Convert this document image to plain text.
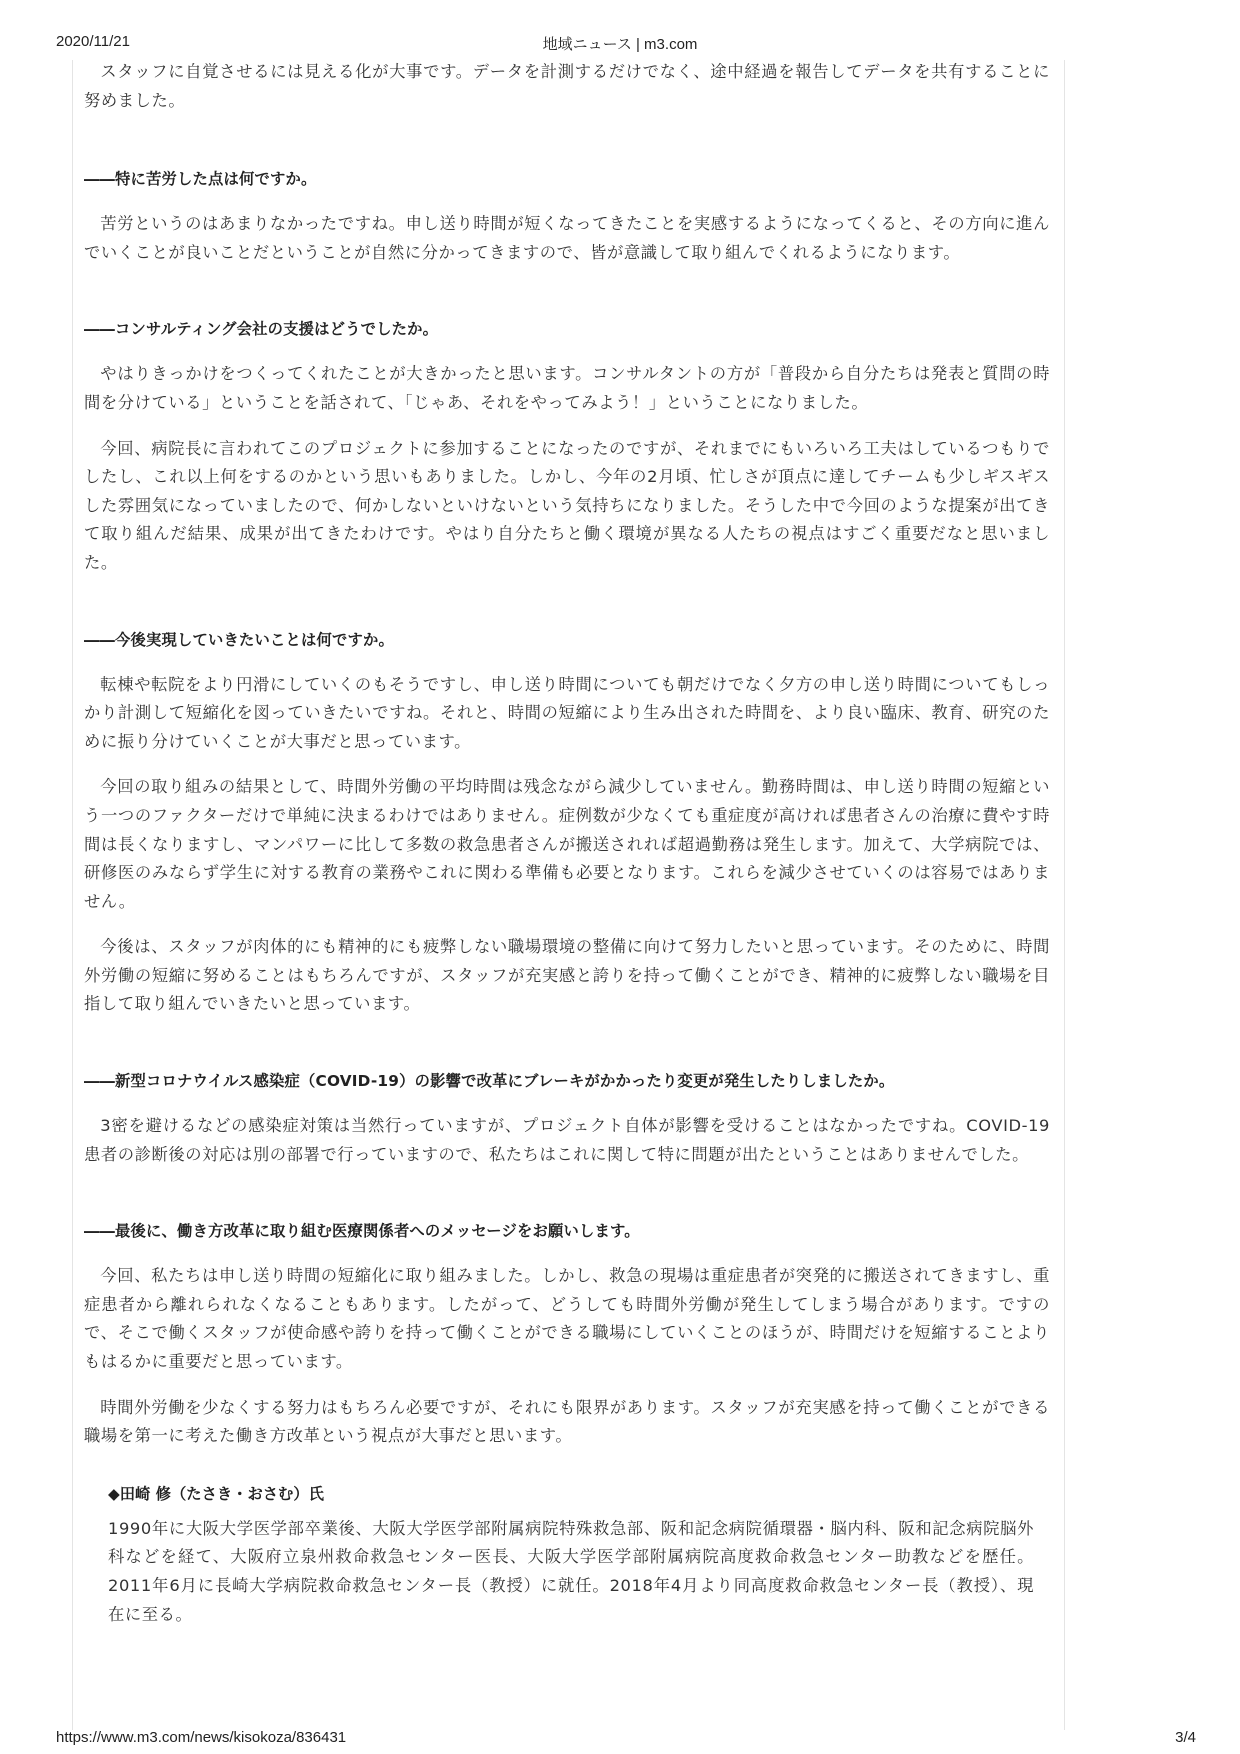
2020/11/21	地域ニュース | m3.com

スタッフに自覚させるには見える化が大事です。データを計測するだけでなく、途中経過を報告してデータを共有することに努めました。

――特に苦労した点は何ですか。

苦労というのはあまりなかったですね。申し送り時間が短くなってきたことを実感するようになってくると、その方向に進んでいくことが良いことだということが自然に分かってきますので、皆が意識して取り組んでくれるようになります。

――コンサルティング会社の支援はどうでしたか。

やはりきっかけをつくってくれたことが大きかったと思います。コンサルタントの方が「普段から自分たちは発表と質問の時間を分けている」ということを話されて、「じゃあ、それをやってみよう！」ということになりました。

今回、病院長に言われてこのプロジェクトに参加することになったのですが、それまでにもいろいろ工夫はしているつもりでしたし、これ以上何をするのかという思いもありました。しかし、今年の2月頃、忙しさが頂点に達してチームも少しギスギスした雰囲気になっていましたので、何かしないといけないという気持ちになりました。そうした中で今回のような提案が出てきて取り組んだ結果、成果が出てきたわけです。やはり自分たちと働く環境が異なる人たちの視点はすごく重要だなと思いました。

――今後実現していきたいことは何ですか。

転棟や転院をより円滑にしていくのもそうですし、申し送り時間についても朝だけでなく夕方の申し送り時間についてもしっかり計測して短縮化を図っていきたいですね。それと、時間の短縮により生み出された時間を、より良い臨床、教育、研究のために振り分けていくことが大事だと思っています。

今回の取り組みの結果として、時間外労働の平均時間は残念ながら減少していません。勤務時間は、申し送り時間の短縮という一つのファクターだけで単純に決まるわけではありません。症例数が少なくても重症度が高ければ患者さんの治療に費やす時間は長くなりますし、マンパワーに比して多数の救急患者さんが搬送されれば超過勤務は発生します。加えて、大学病院では、研修医のみならず学生に対する教育の業務やこれに関わる準備も必要となります。これらを減少させていくのは容易ではありません。

今後は、スタッフが肉体的にも精神的にも疲弊しない職場環境の整備に向けて努力したいと思っています。そのために、時間外労働の短縮に努めることはもちろんですが、スタッフが充実感と誇りを持って働くことができ、精神的に疲弊しない職場を目指して取り組んでいきたいと思っています。

――新型コロナウイルス感染症（COVID-19）の影響で改革にブレーキがかかったり変更が発生したりしましたか。

3密を避けるなどの感染症対策は当然行っていますが、プロジェクト自体が影響を受けることはなかったですね。COVID-19患者の診断後の対応は別の部署で行っていますので、私たちはこれに関して特に問題が出たということはありませんでした。

――最後に、働き方改革に取り組む医療関係者へのメッセージをお願いします。

今回、私たちは申し送り時間の短縮化に取り組みました。しかし、救急の現場は重症患者が突発的に搬送されてきますし、重症患者から離れられなくなることもあります。したがって、どうしても時間外労働が発生してしまう場合があります。ですので、そこで働くスタッフが使命感や誇りを持って働くことができる職場にしていくことのほうが、時間だけを短縮することよりもはるかに重要だと思っています。

時間外労働を少なくする努力はもちろん必要ですが、それにも限界があります。スタッフが充実感を持って働くことができる職場を第一に考えた働き方改革という視点が大事だと思います。

◆田崎 修（たさき・おさむ）氏

1990年に大阪大学医学部卒業後、大阪大学医学部附属病院特殊救急部、阪和記念病院循環器・脳内科、阪和記念病院脳外科などを経て、大阪府立泉州救命救急センター医長、大阪大学医学部附属病院高度救命救急センター助教などを歴任。2011年6月に長崎大学病院救命救急センター長（教授）に就任。2018年4月より同高度救命救急センター長（教授）、現在に至る。

https://www.m3.com/news/kisokoza/836431	3/4
